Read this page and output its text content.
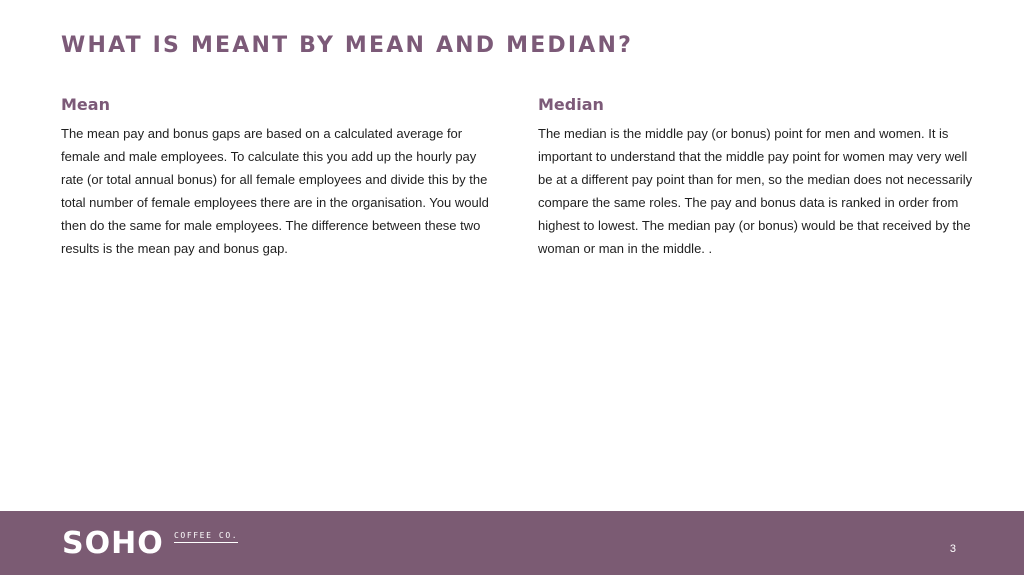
WHAT IS MEANT BY MEAN AND MEDIAN?
Mean

The mean pay and bonus gaps are based on a calculated average for female and male employees. To calculate this you add up the hourly pay rate (or total annual bonus) for all female employees and divide this by the total number of female employees there are in the organisation. You would then do the same for male employees. The difference between these two results is the mean pay and bonus gap.

Median

The median is the middle pay (or bonus) point for men and women. It is important to understand that the middle pay point for women may very well be at a different pay point than for men, so the median does not necessarily compare the same roles. The pay and bonus data is ranked in order from highest to lowest. The median pay (or bonus) would be that received by the woman or man in the middle. .

SOHO COFFEE CO.
3
